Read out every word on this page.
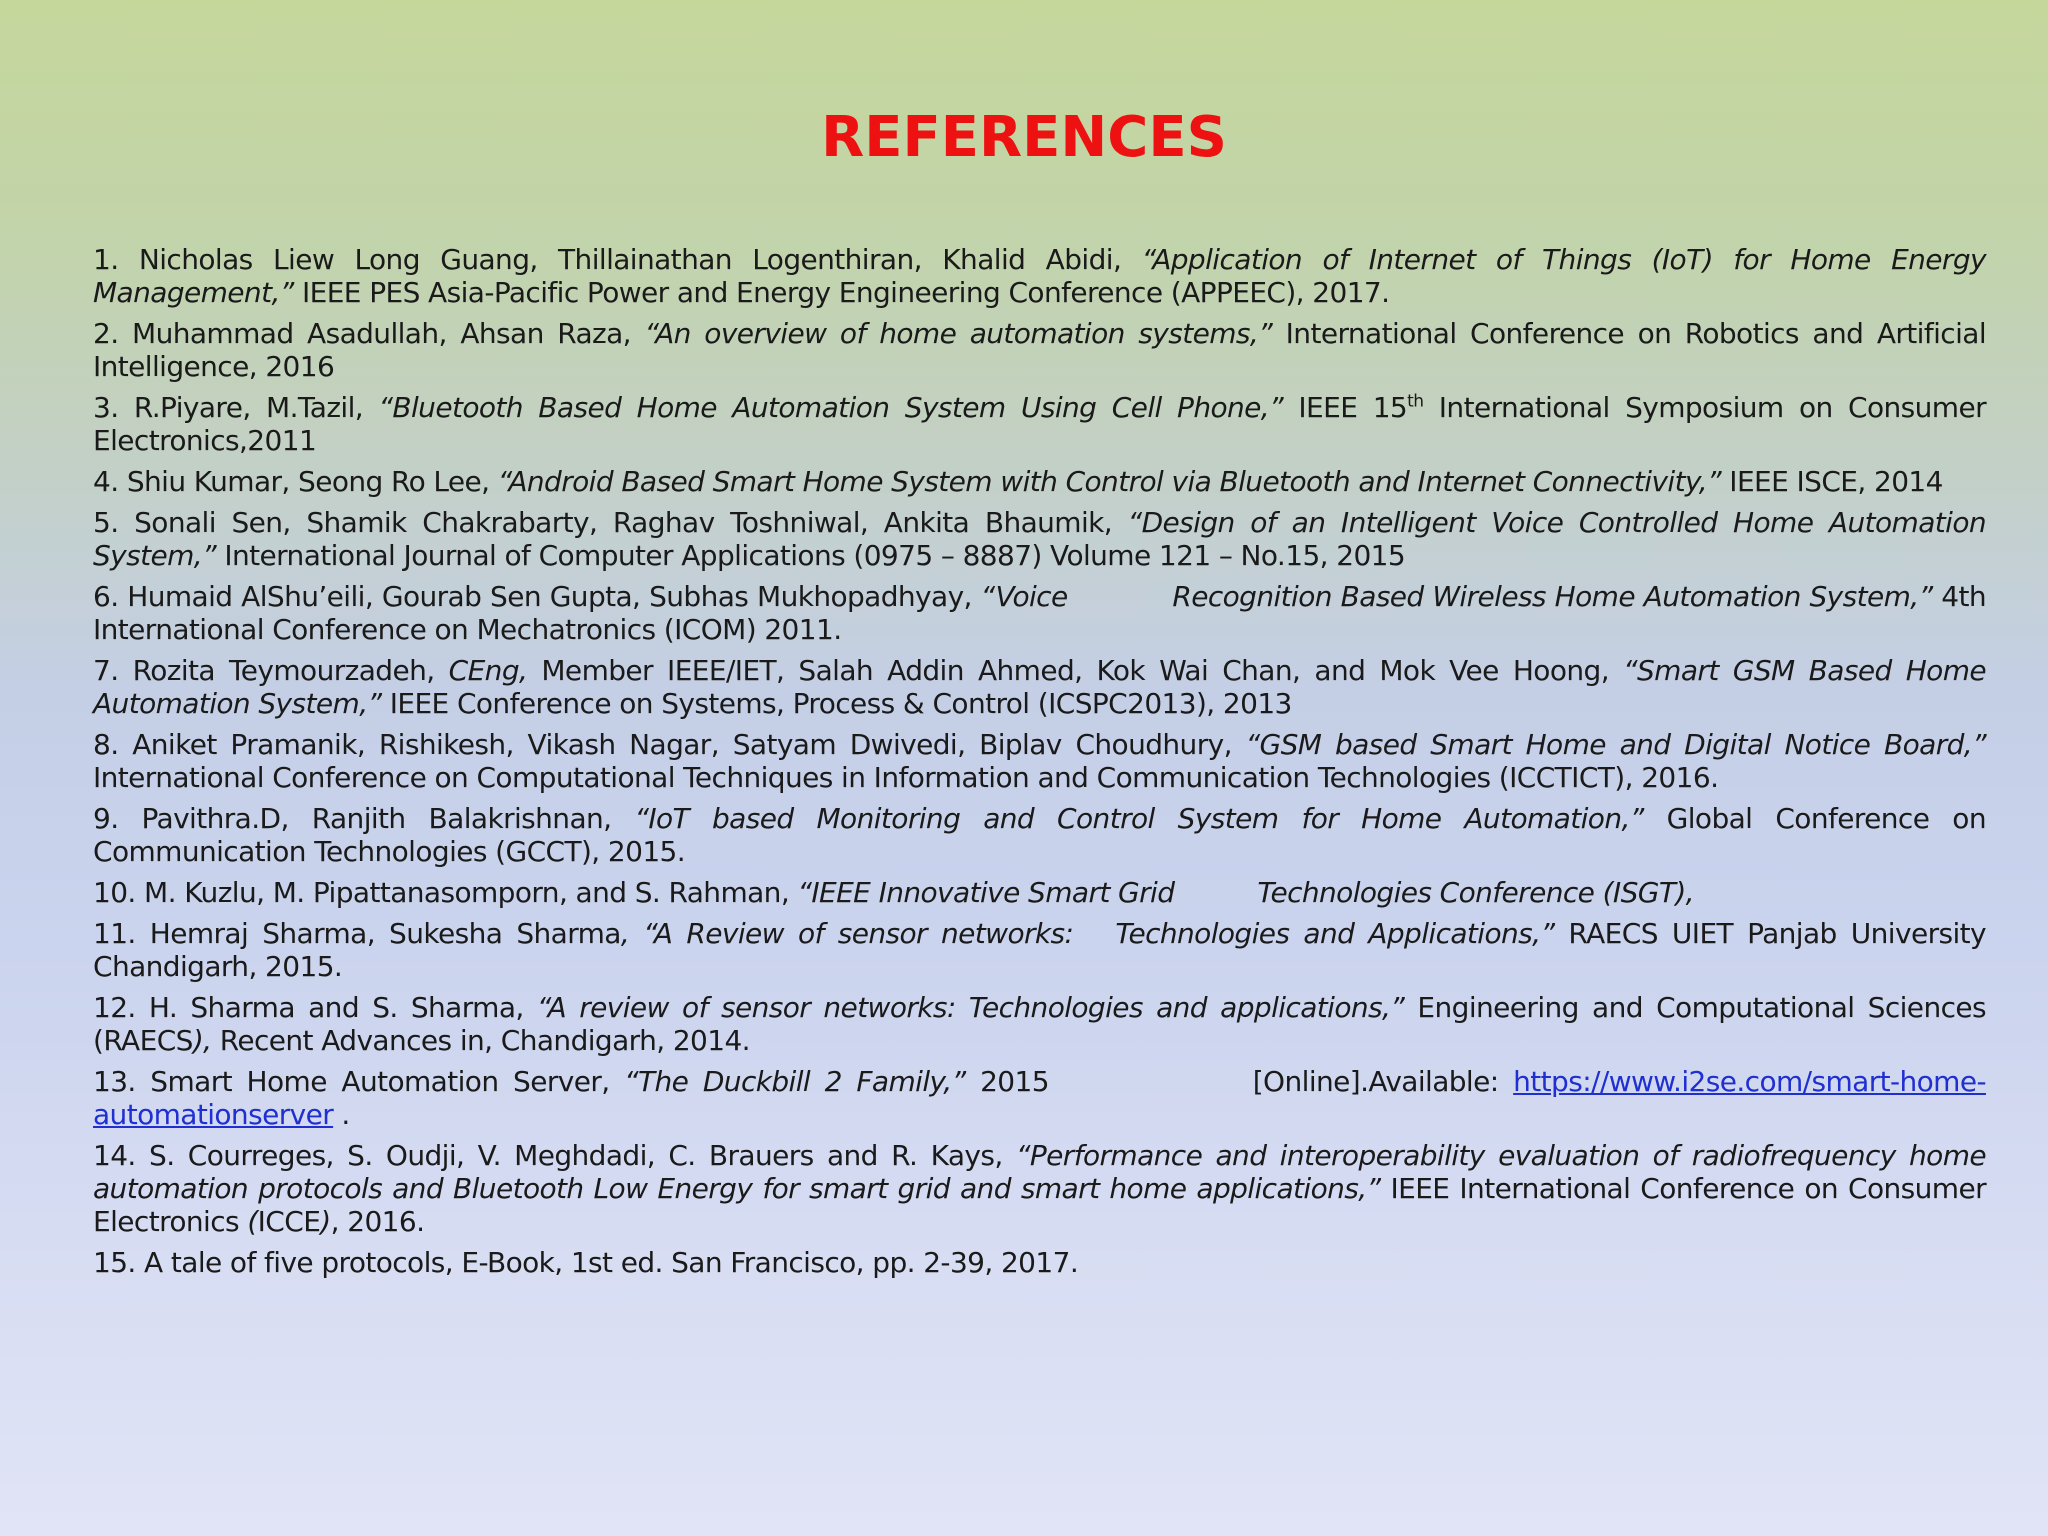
REFERENCES
1. Nicholas Liew Long Guang, Thillainathan Logenthiran, Khalid Abidi, “Application of Internet of Things (IoT) for Home Energy Management,” IEEE PES Asia-Pacific Power and Energy Engineering Conference (APPEEC), 2017.
2. Muhammad Asadullah, Ahsan Raza, “An overview of home automation systems,” International Conference on Robotics and Artificial Intelligence, 2016
3. R.Piyare, M.Tazil, “Bluetooth Based Home Automation System Using Cell Phone,” IEEE 15th International Symposium on Consumer Electronics,2011
4. Shiu Kumar, Seong Ro Lee, “Android Based Smart Home System with Control via Bluetooth and Internet Connectivity,” IEEE ISCE, 2014
5. Sonali Sen, Shamik Chakrabarty, Raghav Toshniwal, Ankita Bhaumik, “Design of an Intelligent Voice Controlled Home Automation System,” International Journal of Computer Applications (0975 – 8887) Volume 121 – No.15, 2015
6. Humaid AlShu’eili, Gourab Sen Gupta, Subhas Mukhopadhyay, “Voice            Recognition Based Wireless Home Automation System,” 4th International Conference on Mechatronics (ICOM) 2011.
7. Rozita Teymourzadeh, CEng, Member IEEE/IET, Salah Addin Ahmed, Kok Wai Chan, and Mok Vee Hoong, “Smart GSM Based Home Automation System,” IEEE Conference on Systems, Process & Control (ICSPC2013), 2013
8. Aniket Pramanik, Rishikesh, Vikash Nagar, Satyam Dwivedi, Biplav Choudhury, “GSM based Smart Home and Digital Notice Board,” International Conference on Computational Techniques in Information and Communication Technologies (ICCTICT), 2016.
9. Pavithra.D, Ranjith Balakrishnan, “IoT based Monitoring and Control System for Home Automation,” Global Conference on Communication Technologies (GCCT), 2015.
10. M. Kuzlu, M. Pipattanasomporn, and S. Rahman, “IEEE Innovative Smart Grid          Technologies Conference (ISGT),
11. Hemraj Sharma, Sukesha Sharma, “A Review of sensor networks:   Technologies and Applications,” RAECS UIET Panjab University Chandigarh, 2015.
12. H. Sharma and S. Sharma, “A review of sensor networks: Technologies and applications,” Engineering and Computational Sciences (RAECS), Recent Advances in, Chandigarh, 2014.
13. Smart Home Automation Server, “The Duckbill 2 Family,” 2015              [Online].Available: https://www.i2se.com/smart-home-automationserver .
14. S. Courreges, S. Oudji, V. Meghdadi, C. Brauers and R. Kays, “Performance and interoperability evaluation of radiofrequency home automation protocols and Bluetooth Low Energy for smart grid and smart home applications,” IEEE International Conference on Consumer Electronics (ICCE), 2016.
15. A tale of five protocols, E-Book, 1st ed. San Francisco, pp. 2-39, 2017.
